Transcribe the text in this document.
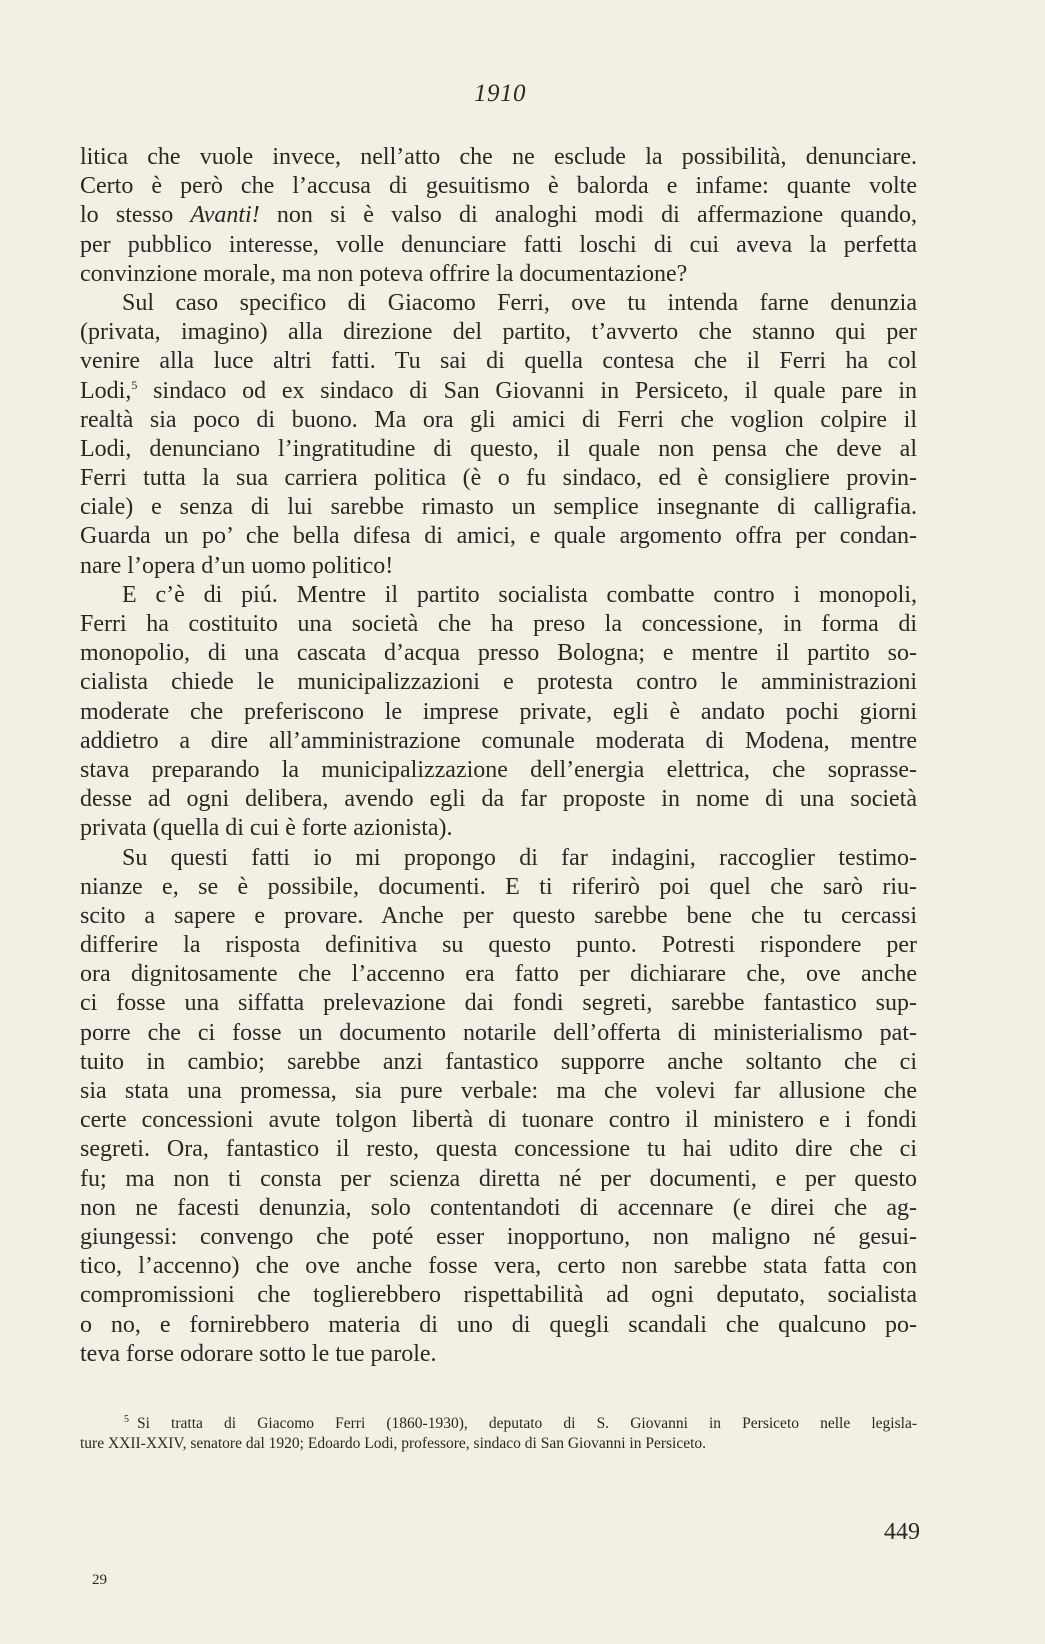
1910
litica che vuole invece, nell’atto che ne esclude la possibilità, denunciare.
Certo è però che l’accusa di gesuitismo è balorda e infame: quante volte
lo stesso Avanti! non si è valso di analoghi modi di affermazione quando,
per pubblico interesse, volle denunciare fatti loschi di cui aveva la perfetta
convinzione morale, ma non poteva offrire la documentazione?
Sul caso specifico di Giacomo Ferri, ove tu intenda farne denunzia
(privata, imagino) alla direzione del partito, t’avverto che stanno qui per
venire alla luce altri fatti. Tu sai di quella contesa che il Ferri ha col
Lodi,$^5$ sindaco od ex sindaco di San Giovanni in Persiceto, il quale pare in
realtà sia poco di buono. Ma ora gli amici di Ferri che voglion colpire il
Lodi, denunciano l’ingratitudine di questo, il quale non pensa che deve al
Ferri tutta la sua carriera politica (è o fu sindaco, ed è consigliere provin-
ciale) e senza di lui sarebbe rimasto un semplice insegnante di calligrafia.
Guarda un po’ che bella difesa di amici, e quale argomento offra per condan-
nare l’opera d’un uomo politico!
E c’è di piú. Mentre il partito socialista combatte contro i monopoli,
Ferri ha costituito una società che ha preso la concessione, in forma di
monopolio, di una cascata d’acqua presso Bologna; e mentre il partito so-
cialista chiede le municipalizzazioni e protesta contro le amministrazioni
moderate che preferiscono le imprese private, egli è andato pochi giorni
addietro a dire all’amministrazione comunale moderata di Modena, mentre
stava preparando la municipalizzazione dell’energia elettrica, che soprasse-
desse ad ogni delibera, avendo egli da far proposte in nome di una società
privata (quella di cui è forte azionista).
Su questi fatti io mi propongo di far indagini, raccoglier testimo-
nianze e, se è possibile, documenti. E ti riferirò poi quel che sarò riu-
scito a sapere e provare. Anche per questo sarebbe bene che tu cercassi
differire la risposta definitiva su questo punto. Potresti rispondere per
ora dignitosamente che l’accenno era fatto per dichiarare che, ove anche
ci fosse una siffatta prelevazione dai fondi segreti, sarebbe fantastico sup-
porre che ci fosse un documento notarile dell’offerta di ministerialismo pat-
tuito in cambio; sarebbe anzi fantastico supporre anche soltanto che ci
sia stata una promessa, sia pure verbale: ma che volevi far allusione che
certe concessioni avute tolgon libertà di tuonare contro il ministero e i fondi
segreti. Ora, fantastico il resto, questa concessione tu hai udito dire che ci
fu; ma non ti consta per scienza diretta né per documenti, e per questo
non ne facesti denunzia, solo contentandoti di accennare (e direi che ag-
giungessi: convengo che poté esser inopportuno, non maligno né gesui-
tico, l’accenno) che ove anche fosse vera, certo non sarebbe stata fatta con
compromissioni che toglierebbero rispettabilità ad ogni deputato, socialista
o no, e fornirebbero materia di uno di quegli scandali che qualcuno po-
teva forse odorare sotto le tue parole.
$^5$ Si tratta di Giacomo Ferri (1860-1930), deputato di S. Giovanni in Persiceto nelle legisla-
ture XXII-XXIV, senatore dal 1920; Edoardo Lodi, professore, sindaco di San Giovanni in Persiceto.
449
29
